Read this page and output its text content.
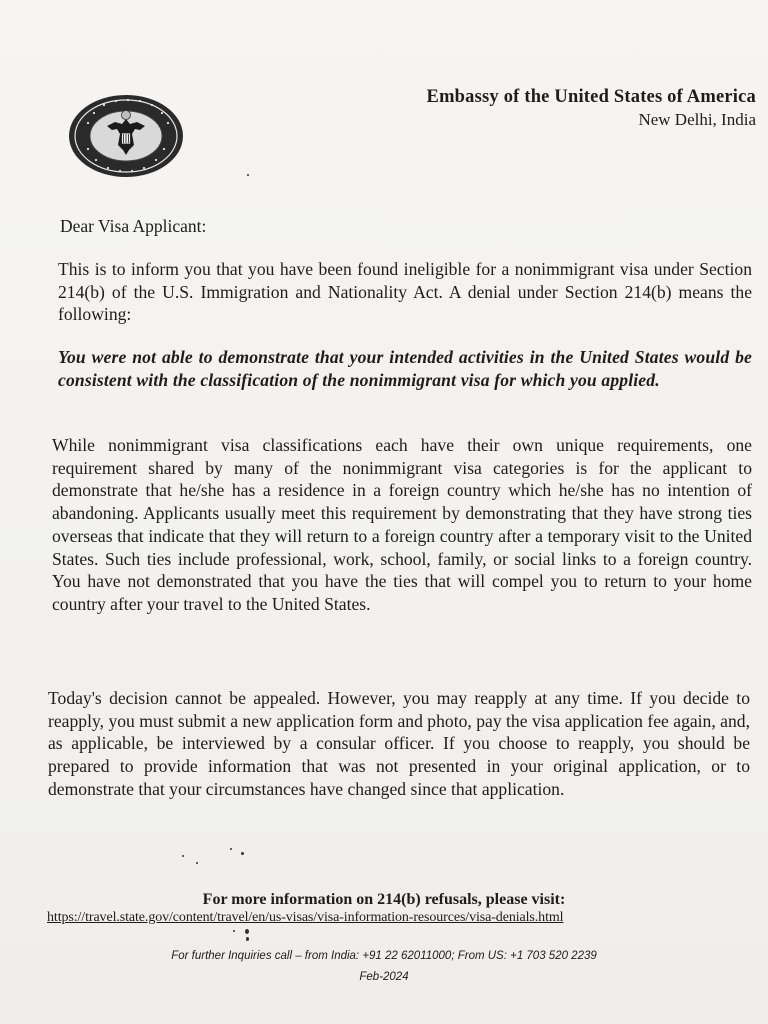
Embassy of the United States of America
New Delhi, India
Dear Visa Applicant:

This is to inform you that you have been found ineligible for a nonimmigrant visa under Section 214(b) of the U.S. Immigration and Nationality Act. A denial under Section 214(b) means the following:

You were not able to demonstrate that your intended activities in the United States would be consistent with the classification of the nonimmigrant visa for which you applied.

While nonimmigrant visa classifications each have their own unique requirements, one requirement shared by many of the nonimmigrant visa categories is for the applicant to demonstrate that he/she has a residence in a foreign country which he/she has no intention of abandoning. Applicants usually meet this requirement by demonstrating that they have strong ties overseas that indicate that they will return to a foreign country after a temporary visit to the United States. Such ties include professional, work, school, family, or social links to a foreign country. You have not demonstrated that you have the ties that will compel you to return to your home country after your travel to the United States.

Today's decision cannot be appealed. However, you may reapply at any time. If you decide to reapply, you must submit a new application form and photo, pay the visa application fee again, and, as applicable, be interviewed by a consular officer. If you choose to reapply, you should be prepared to provide information that was not presented in your original application, or to demonstrate that your circumstances have changed since that application.

For more information on 214(b) refusals, please visit:
https://travel.state.gov/content/travel/en/us-visas/visa-information-resources/visa-denials.html
For further Inquiries call – from India: +91 22 62011000; From US: +1 703 520 2239
Feb-2024
